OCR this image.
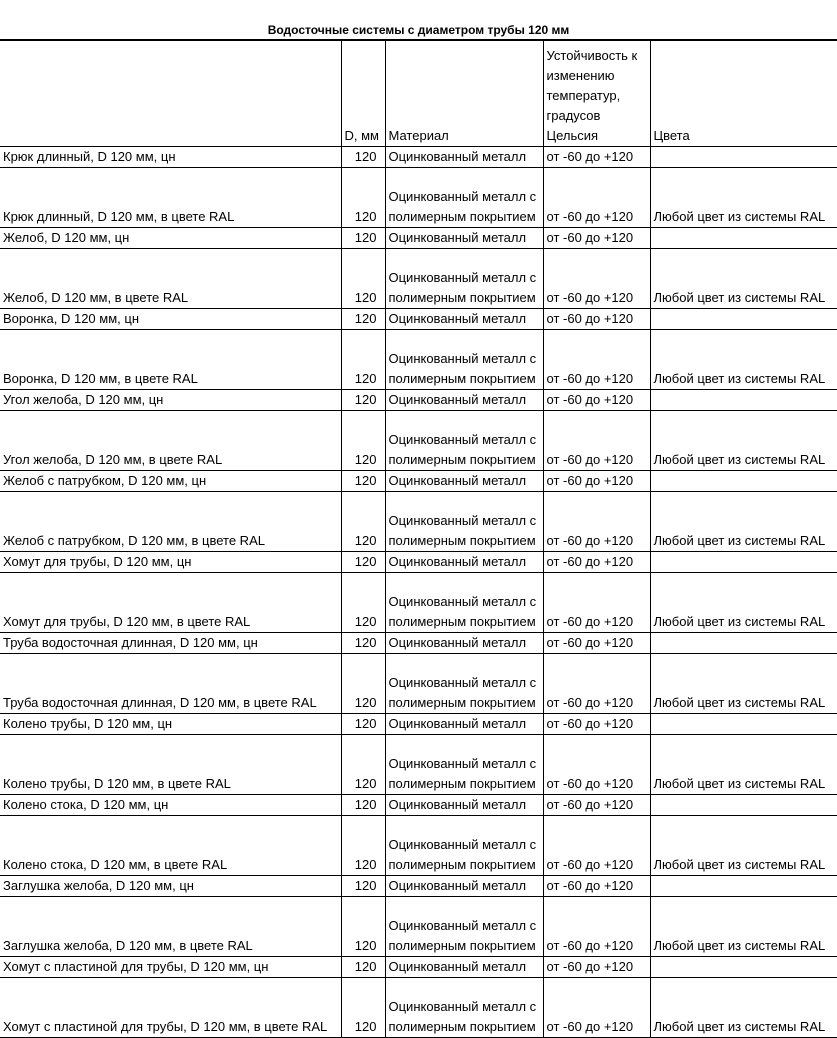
Водосточные системы с диаметром трубы 120 мм
	D, мм	Материал	Устойчивость к изменению температур, градусов Цельсия	Цвета
Крюк длинный, D 120 мм, цн	120	Оцинкованный металл	от -60 до +120	
Крюк длинный, D 120 мм, в цвете RAL	120	Оцинкованный металл с полимерным покрытием	от -60 до +120	Любой цвет из системы RAL
Желоб, D 120 мм, цн	120	Оцинкованный металл	от -60 до +120	
Желоб, D 120 мм, в цвете RAL	120	Оцинкованный металл с полимерным покрытием	от -60 до +120	Любой цвет из системы RAL
Воронка, D 120 мм, цн	120	Оцинкованный металл	от -60 до +120	
Воронка, D 120 мм, в цвете RAL	120	Оцинкованный металл с полимерным покрытием	от -60 до +120	Любой цвет из системы RAL
Угол желоба, D 120 мм, цн	120	Оцинкованный металл	от -60 до +120	
Угол желоба, D 120 мм, в цвете RAL	120	Оцинкованный металл с полимерным покрытием	от -60 до +120	Любой цвет из системы RAL
Желоб с патрубком, D 120 мм, цн	120	Оцинкованный металл	от -60 до +120	
Желоб с патрубком, D 120 мм, в цвете RAL	120	Оцинкованный металл с полимерным покрытием	от -60 до +120	Любой цвет из системы RAL
Хомут для трубы, D 120 мм, цн	120	Оцинкованный металл	от -60 до +120	
Хомут для трубы, D 120 мм, в цвете RAL	120	Оцинкованный металл с полимерным покрытием	от -60 до +120	Любой цвет из системы RAL
Труба водосточная длинная, D 120 мм, цн	120	Оцинкованный металл	от -60 до +120	
Труба водосточная длинная, D 120 мм, в цвете RAL	120	Оцинкованный металл с полимерным покрытием	от -60 до +120	Любой цвет из системы RAL
Колено трубы, D 120 мм, цн	120	Оцинкованный металл	от -60 до +120	
Колено трубы, D 120 мм, в цвете RAL	120	Оцинкованный металл с полимерным покрытием	от -60 до +120	Любой цвет из системы RAL
Колено стока, D 120 мм, цн	120	Оцинкованный металл	от -60 до +120	
Колено стока, D 120 мм, в цвете RAL	120	Оцинкованный металл с полимерным покрытием	от -60 до +120	Любой цвет из системы RAL
Заглушка желоба, D 120 мм, цн	120	Оцинкованный металл	от -60 до +120	
Заглушка желоба, D 120 мм, в цвете RAL	120	Оцинкованный металл с полимерным покрытием	от -60 до +120	Любой цвет из системы RAL
Хомут с пластиной для трубы, D 120 мм, цн	120	Оцинкованный металл	от -60 до +120	
Хомут с пластиной для трубы, D 120 мм, в цвете RAL	120	Оцинкованный металл с полимерным покрытием	от -60 до +120	Любой цвет из системы RAL
